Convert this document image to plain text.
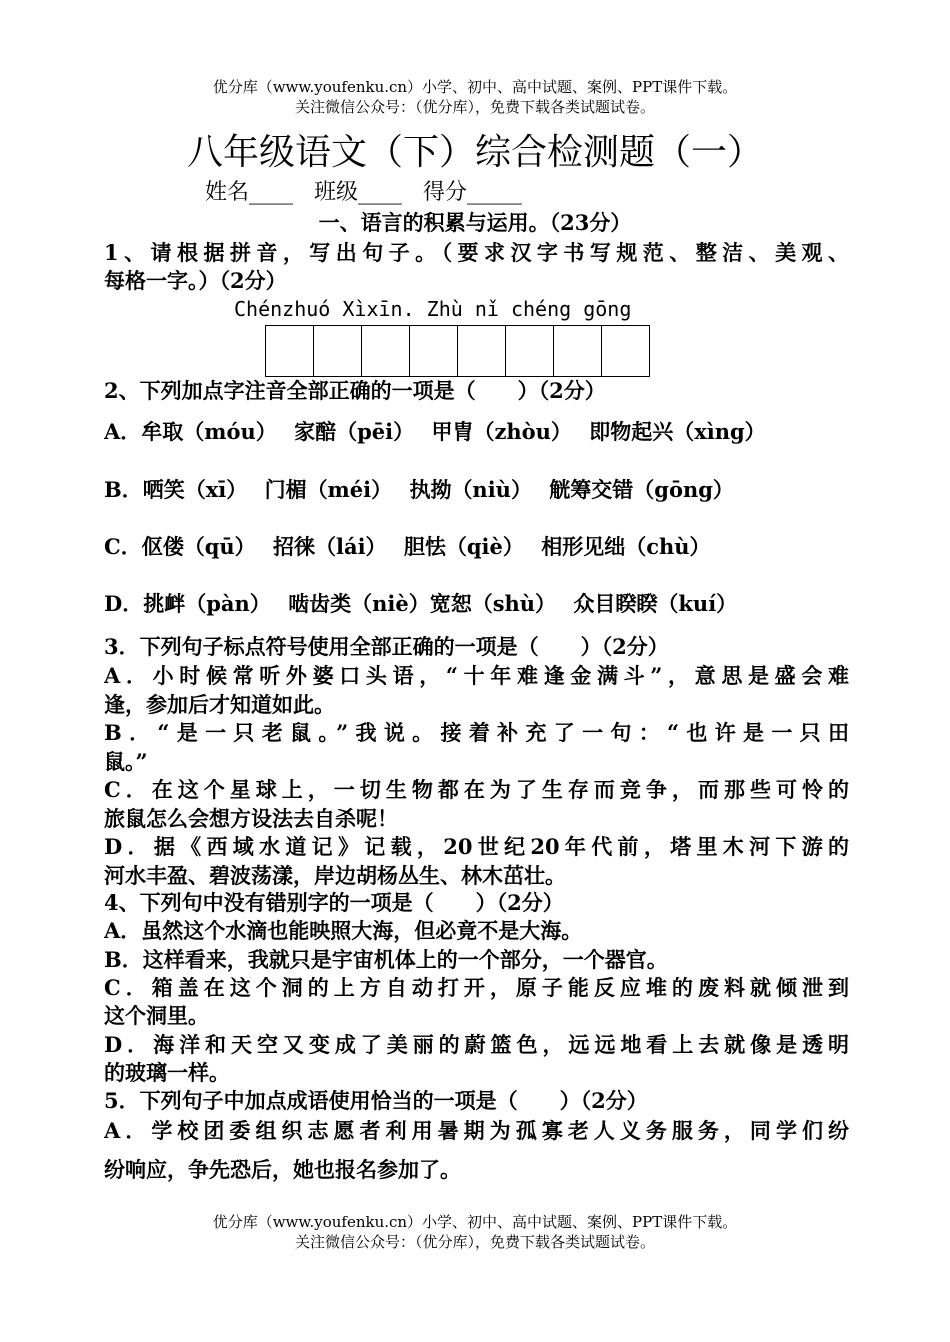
优分库（www.youfenku.cn）小学、初中、高中试题、案例、PPT课件下载。
关注微信公众号：（优分库），免费下载各类试题试卷。
八年级语文（下）综合检测题（一）
姓名____ 班级____ 得分_____
一、语言的积累与运用。（23分）
1、请根据拼音，写出句子。（要求汉字书写规范、整洁、美观、
每格一字。）（2分）
Chénzhuó Xìxīn. Zhù nǐ chéng gōng
2、下列加点字注音全部正确的一项是（　　）（2分）
A．牟取（móu） 家醅（pēi） 甲胄（zhòu） 即物起兴（xìng）
B．哂笑（xī） 门楣（méi） 执拗（niù） 觥筹交错（gōng）
C．伛偻（qū） 招徕（lái） 胆怯（qiè） 相形见绌（chù）
D．挑衅（pàn） 啮齿类（niè）宽恕（shù） 众目睽睽（kuí）
3．下列句子标点符号使用全部正确的一项是（　　）（2分）
A．小时候常听外婆口头语，“十年难逢金满斗”，意思是盛会难
逢，参加后才知道如此。
B．“是一只老鼠。”我说。接着补充了一句：“也许是一只田
鼠。”
C．在这个星球上，一切生物都在为了生存而竞争，而那些可怜的
旅鼠怎么会想方设法去自杀呢！
D．据《西域水道记》记载，20世纪20年代前，塔里木河下游的
河水丰盈、碧波荡漾，岸边胡杨丛生、林木茁壮。
4、下列句中没有错别字的一项是（　　）（2分）
A．虽然这个水滴也能映照大海，但必竟不是大海。
B．这样看来，我就只是宇宙机体上的一个部分，一个器官。
C．箱盖在这个洞的上方自动打开，原子能反应堆的废料就倾泄到
这个洞里。
D．海洋和天空又变成了美丽的蔚篮色，远远地看上去就像是透明
的玻璃一样。
5．下列句子中加点成语使用恰当的一项是（　　）（2分）
A．学校团委组织志愿者利用暑期为孤寡老人义务服务，同学们纷
纷响应，争先恐后，她也报名参加了。
优分库（www.youfenku.cn）小学、初中、高中试题、案例、PPT课件下载。
关注微信公众号：（优分库），免费下载各类试题试卷。
